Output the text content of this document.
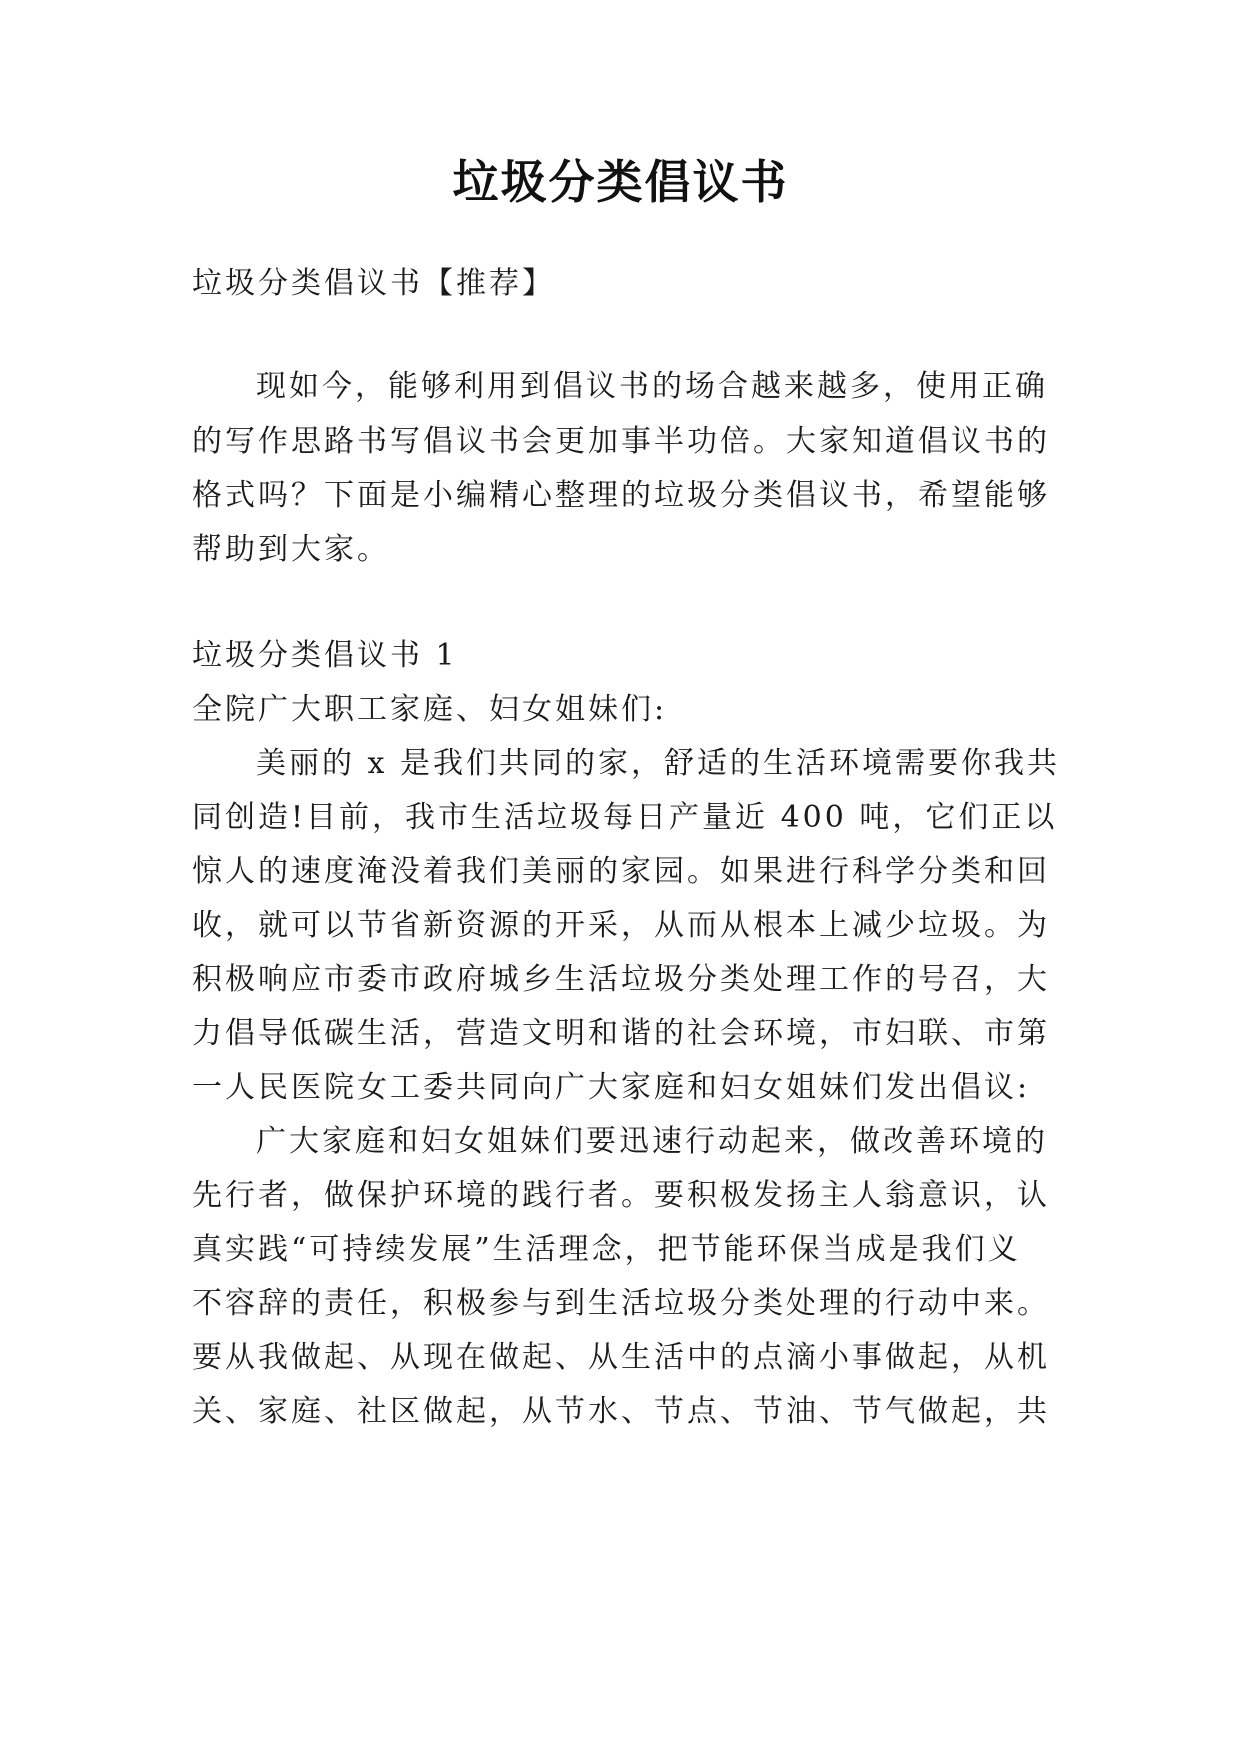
垃圾分类倡议书

垃圾分类倡议书【推荐】

现如今，能够利用到倡议书的场合越来越多，使用正确

的写作思路书写倡议书会更加事半功倍。大家知道倡议书的

格式吗？下面是小编精心整理的垃圾分类倡议书，希望能够

帮助到大家。

垃圾分类倡议书 1

全院广大职工家庭、妇女姐妹们:

美丽的 x 是我们共同的家，舒适的生活环境需要你我共

同创造!目前，我市生活垃圾每日产量近 400 吨，它们正以

惊人的速度淹没着我们美丽的家园。如果进行科学分类和回

收，就可以节省新资源的开采，从而从根本上减少垃圾。为

积极响应市委市政府城乡生活垃圾分类处理工作的号召，大

力倡导低碳生活，营造文明和谐的社会环境，市妇联、市第

一人民医院女工委共同向广大家庭和妇女姐妹们发出倡议:

广大家庭和妇女姐妹们要迅速行动起来，做改善环境的

先行者，做保护环境的践行者。要积极发扬主人翁意识，认

真实践“可持续发展”生活理念，把节能环保当成是我们义

不容辞的责任，积极参与到生活垃圾分类处理的行动中来。

要从我做起、从现在做起、从生活中的点滴小事做起，从机

关、家庭、社区做起，从节水、节点、节油、节气做起，共
